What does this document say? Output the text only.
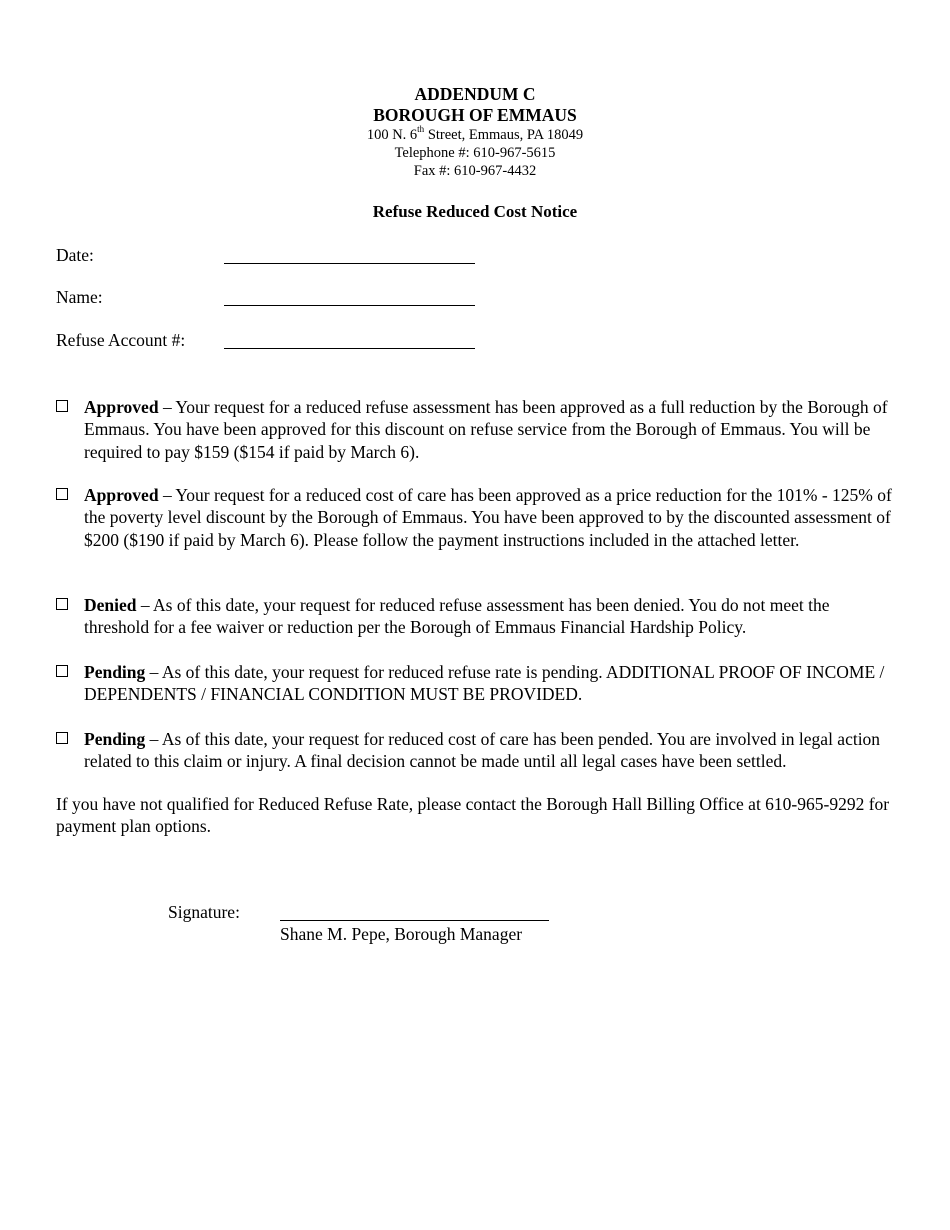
ADDENDUM C
BOROUGH OF EMMAUS
100 N. 6th Street, Emmaus, PA 18049
Telephone #: 610-967-5615
Fax #: 610-967-4432
Refuse Reduced Cost Notice
Date:
Name:
Refuse Account #:
Approved – Your request for a reduced refuse assessment has been approved as a full reduction by the Borough of Emmaus. You have been approved for this discount on refuse service from the Borough of Emmaus. You will be required to pay $159 ($154 if paid by March 6).
Approved – Your request for a reduced cost of care has been approved as a price reduction for the 101% - 125% of the poverty level discount by the Borough of Emmaus. You have been approved to by the discounted assessment of $200 ($190 if paid by March 6). Please follow the payment instructions included in the attached letter.
Denied – As of this date, your request for reduced refuse assessment has been denied. You do not meet the threshold for a fee waiver or reduction per the Borough of Emmaus Financial Hardship Policy.
Pending – As of this date, your request for reduced refuse rate is pending. ADDITIONAL PROOF OF INCOME / DEPENDENTS / FINANCIAL CONDITION MUST BE PROVIDED.
Pending – As of this date, your request for reduced cost of care has been pended. You are involved in legal action related to this claim or injury. A final decision cannot be made until all legal cases have been settled.
If you have not qualified for Reduced Refuse Rate, please contact the Borough Hall Billing Office at 610-965-9292 for payment plan options.
Signature:
Shane M. Pepe, Borough Manager
